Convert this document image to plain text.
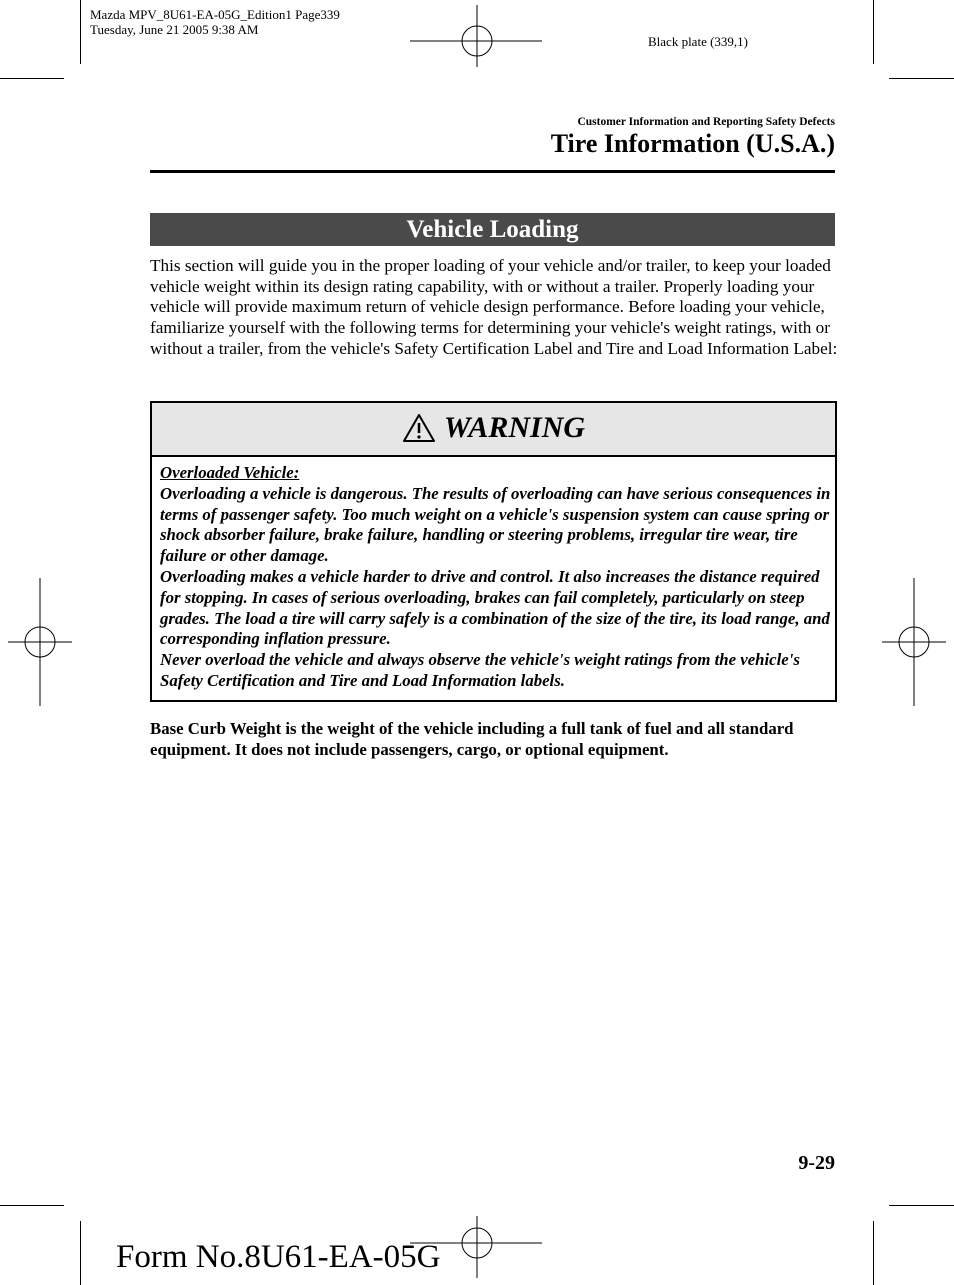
Mazda MPV_8U61-EA-05G_Edition1 Page339
Tuesday, June 21 2005 9:38 AM
Black plate (339,1)
Customer Information and Reporting Safety Defects
Tire Information (U.S.A.)
Vehicle Loading
This section will guide you in the proper loading of your vehicle and/or trailer, to keep your loaded vehicle weight within its design rating capability, with or without a trailer. Properly loading your vehicle will provide maximum return of vehicle design performance. Before loading your vehicle, familiarize yourself with the following terms for determining your vehicle's weight ratings, with or without a trailer, from the vehicle's Safety Certification Label and Tire and Load Information Label:
WARNING
Overloaded Vehicle:
Overloading a vehicle is dangerous. The results of overloading can have serious consequences in terms of passenger safety. Too much weight on a vehicle's suspension system can cause spring or shock absorber failure, brake failure, handling or steering problems, irregular tire wear, tire failure or other damage.
Overloading makes a vehicle harder to drive and control. It also increases the distance required for stopping. In cases of serious overloading, brakes can fail completely, particularly on steep grades. The load a tire will carry safely is a combination of the size of the tire, its load range, and corresponding inflation pressure.
Never overload the vehicle and always observe the vehicle's weight ratings from the vehicle's Safety Certification and Tire and Load Information labels.
Base Curb Weight is the weight of the vehicle including a full tank of fuel and all standard equipment. It does not include passengers, cargo, or optional equipment.
9-29
Form No.8U61-EA-05G
